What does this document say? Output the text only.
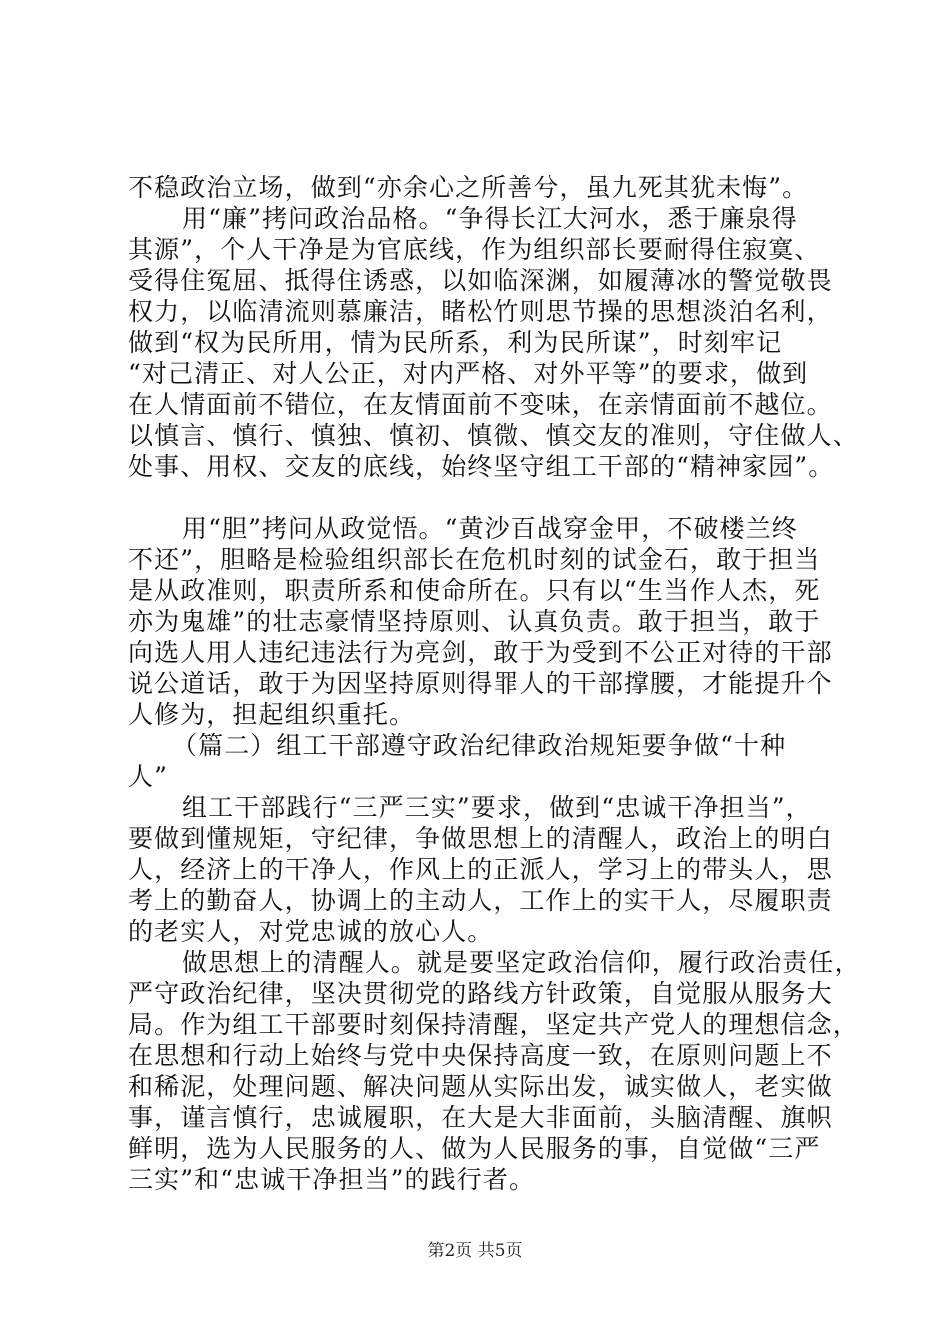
不稳政治立场，做到“亦余心之所善兮，虽九死其犹未悔”。
用“廉”拷问政治品格。“争得长江大河水，悉于廉泉得
其源”，个人干净是为官底线，作为组织部长要耐得住寂寞、
受得住冤屈、抵得住诱惑，以如临深渊，如履薄冰的警觉敬畏
权力，以临清流则慕廉洁，睹松竹则思节操的思想淡泊名利，
做到“权为民所用，情为民所系，利为民所谋”，时刻牢记
“对己清正、对人公正，对内严格、对外平等”的要求，做到
在人情面前不错位，在友情面前不变味，在亲情面前不越位。
以慎言、慎行、慎独、慎初、慎微、慎交友的准则，守住做人、
处事、用权、交友的底线，始终坚守组工干部的“精神家园”。
用“胆”拷问从政觉悟。“黄沙百战穿金甲，不破楼兰终
不还”，胆略是检验组织部长在危机时刻的试金石，敢于担当
是从政准则，职责所系和使命所在。只有以“生当作人杰，死
亦为鬼雄”的壮志豪情坚持原则、认真负责。敢于担当，敢于
向选人用人违纪违法行为亮剑，敢于为受到不公正对待的干部
说公道话，敢于为因坚持原则得罪人的干部撑腰，才能提升个
人修为，担起组织重托。
（篇二）组工干部遵守政治纪律政治规矩要争做“十种
人”
组工干部践行“三严三实”要求，做到“忠诚干净担当”，
要做到懂规矩，守纪律，争做思想上的清醒人，政治上的明白
人，经济上的干净人，作风上的正派人，学习上的带头人，思
考上的勤奋人，协调上的主动人，工作上的实干人，尽履职责
的老实人，对党忠诚的放心人。
做思想上的清醒人。就是要坚定政治信仰，履行政治责任，
严守政治纪律，坚决贯彻党的路线方针政策，自觉服从服务大
局。作为组工干部要时刻保持清醒，坚定共产党人的理想信念，
在思想和行动上始终与党中央保持高度一致，在原则问题上不
和稀泥，处理问题、解决问题从实际出发，诚实做人，老实做
事，谨言慎行，忠诚履职，在大是大非面前，头脑清醒、旗帜
鲜明，选为人民服务的人、做为人民服务的事，自觉做“三严
三实”和“忠诚干净担当”的践行者。
第2页 共5页
